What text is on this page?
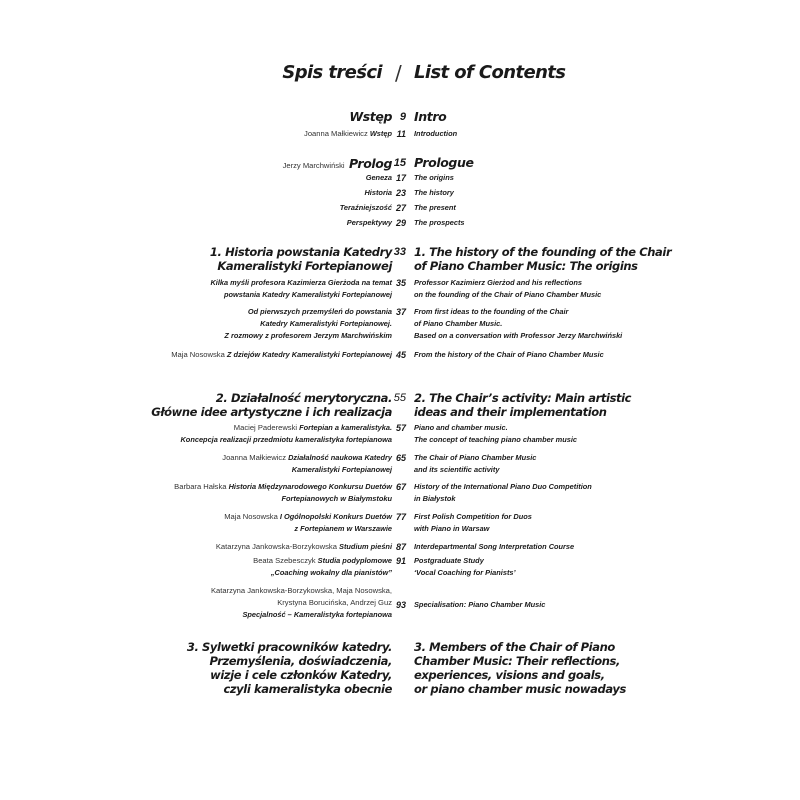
Spis treści / List of Contents
Wstęp 9 Intro
Joanna Małkiewicz Wstęp 11 Introduction
Jerzy Marchwiński Prolog 15 Prologue
Geneza 17 The origins
Historia 23 The history
Teraźniejszość 27 The present
Perspektywy 29 The prospects
1. Historia powstania Katedry
Kameralistyki Fortepianowej
33 1. The history of the founding of the Chair
of Piano Chamber Music: The origins
Kilka myśli profesora Kazimierza Gierżoda na temat
powstania Katedry Kameralistyki Fortepianowej
35 Professor Kazimierz Gierżod and his reflections
on the founding of the Chair of Piano Chamber Music
Od pierwszych przemyśleń do powstania
Katedry Kameralistyki Fortepianowej.
Z rozmowy z profesorem Jerzym Marchwińskim
37 From first ideas to the founding of the Chair
of Piano Chamber Music.
Based on a conversation with Professor Jerzy Marchwiński
Maja Nosowska Z dziejów Katedry Kameralistyki Fortepianowej 45 From the history of the Chair of Piano Chamber Music
2. Działalność merytoryczna.
Główne idee artystyczne i ich realizacja
55 2. The Chair’s activity: Main artistic
ideas and their implementation
Maciej Paderewski Fortepian a kameralistyka.
Koncepcja realizacji przedmiotu kameralistyka fortepianowa
57 Piano and chamber music.
The concept of teaching piano chamber music
Joanna Małkiewicz Działalność naukowa Katedry
Kameralistyki Fortepianowej
65 The Chair of Piano Chamber Music
and its scientific activity
Barbara Hałska Historia Międzynarodowego Konkursu Duetów
Fortepianowych w Białymstoku
67 History of the International Piano Duo Competition
in Białystok
Maja Nosowska I Ogólnopolski Konkurs Duetów
z Fortepianem w Warszawie
77 First Polish Competition for Duos
with Piano in Warsaw
Katarzyna Jankowska-Borzykowska Studium pieśni 87 Interdepartmental Song Interpretation Course
Beata Szebesczyk Studia podyplomowe
„Coaching wokalny dla pianistów”
91 Postgraduate Study
‘Vocal Coaching for Pianists’
Katarzyna Jankowska-Borzykowska, Maja Nosowska,
Krystyna Borucińska, Andrzej Guz
Specjalność – Kameralistyka fortepianowa
93 Specialisation: Piano Chamber Music
3. Sylwetki pracowników katedry.
Przemyślenia, doświadczenia,
wizje i cele członków Katedry,
czyli kameralistyka obecnie
3. Members of the Chair of Piano
Chamber Music: Their reflections,
experiences, visions and goals,
or piano chamber music nowadays
